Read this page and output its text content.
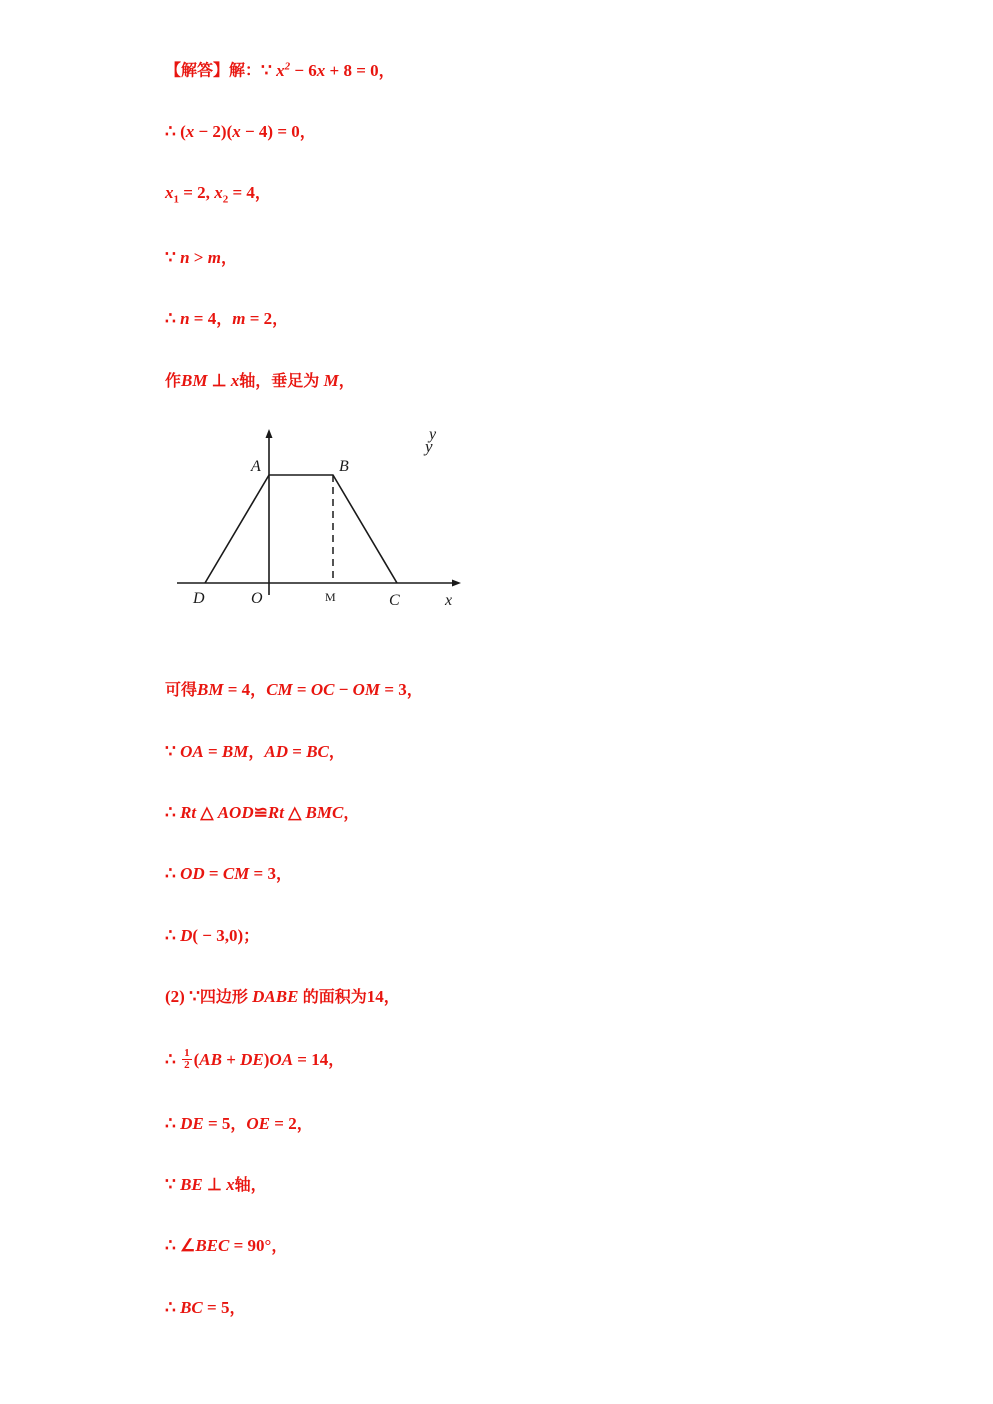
【解答】解：∵ $x^2 - 6x + 8 = 0$，

∴ (x − 2)(x − 4) = 0，

$x_1 = 2$, $x_2 = 4$，

∵ n > m，

∴ n = 4，m = 2，

作BM ⊥ x轴，垂足为 M，

可得BM = 4，CM = OC − OM = 3，

∵ OA = BM，AD = BC，

∴ Rt △ AOD≌Rt △ BMC，

∴ OD = CM = 3，

∴ D( − 3,0)；

(2) ∵四边形 DABE 的面积为14，

∴ $\frac{1}{2} (AB + DE)OA = 14$，

∴ DE = 5，OE = 2，

∵ BE ⊥ x轴，

∴ ∠BEC = 90°，

∴ BC = 5，

y
A	B
D	O	M	C	x
y
